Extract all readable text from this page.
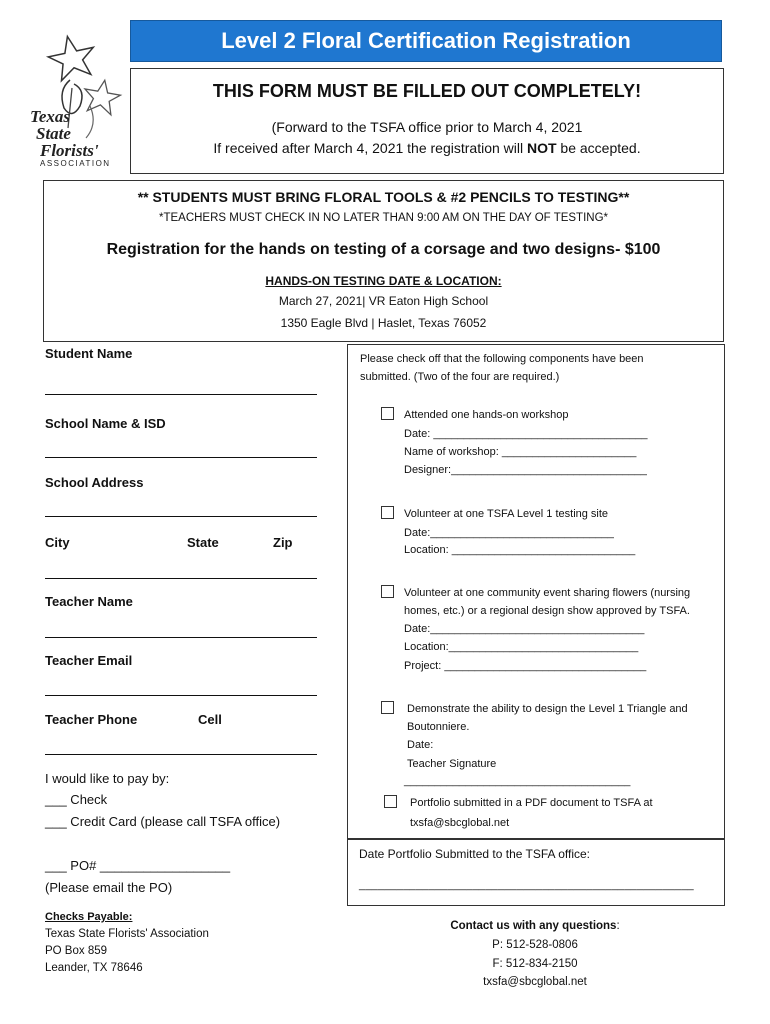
Texas
State
Florists'
ASSOCIATION
Level 2 Floral Certification Registration
THIS FORM MUST BE FILLED OUT COMPLETELY!
(Forward to the TSFA office prior to March 4, 2021
If received after March 4, 2021 the registration will NOT be accepted.
** STUDENTS MUST BRING FLORAL TOOLS & #2 PENCILS TO TESTING**
*TEACHERS MUST CHECK IN NO LATER THAN 9:00 AM ON THE DAY OF TESTING*
Registration for the hands on testing of a corsage and two designs- $100
HANDS-ON TESTING DATE & LOCATION:
March 27, 2021| VR Eaton High School
1350 Eagle Blvd | Haslet, Texas 76052
Student Name
School Name & ISD
School Address
City	State	Zip
Teacher Name
Teacher Email
Teacher Phone	Cell
I would like to pay by:
___ Check
___ Credit Card (please call TSFA office)
___ PO# __________________
(Please email the PO)
Checks Payable:
Texas State Florists' Association
PO Box 859
Leander, TX 78646
Please check off that the following components have been
submitted. (Two of the four are required.)
Attended one hands-on workshop
Date: ___________________________________
Name of workshop: ______________________
Designer:________________________________
Volunteer at one TSFA Level 1 testing site
Date:______________________________
Location: ______________________________
Volunteer at one community event sharing flowers (nursing
homes, etc.) or a regional design show approved by TSFA.
Date:___________________________________
Location:_______________________________
Project: _________________________________
Demonstrate the ability to design the Level 1 Triangle and
Boutonniere.
Date:
Teacher Signature
_____________________________________
Portfolio submitted in a PDF document to TSFA at
txsfa@sbcglobal.net
Date Portfolio Submitted to the TSFA office:
_____________________________________________________
Contact us with any questions:
P: 512-528-0806
F: 512-834-2150
txsfa@sbcglobal.net
